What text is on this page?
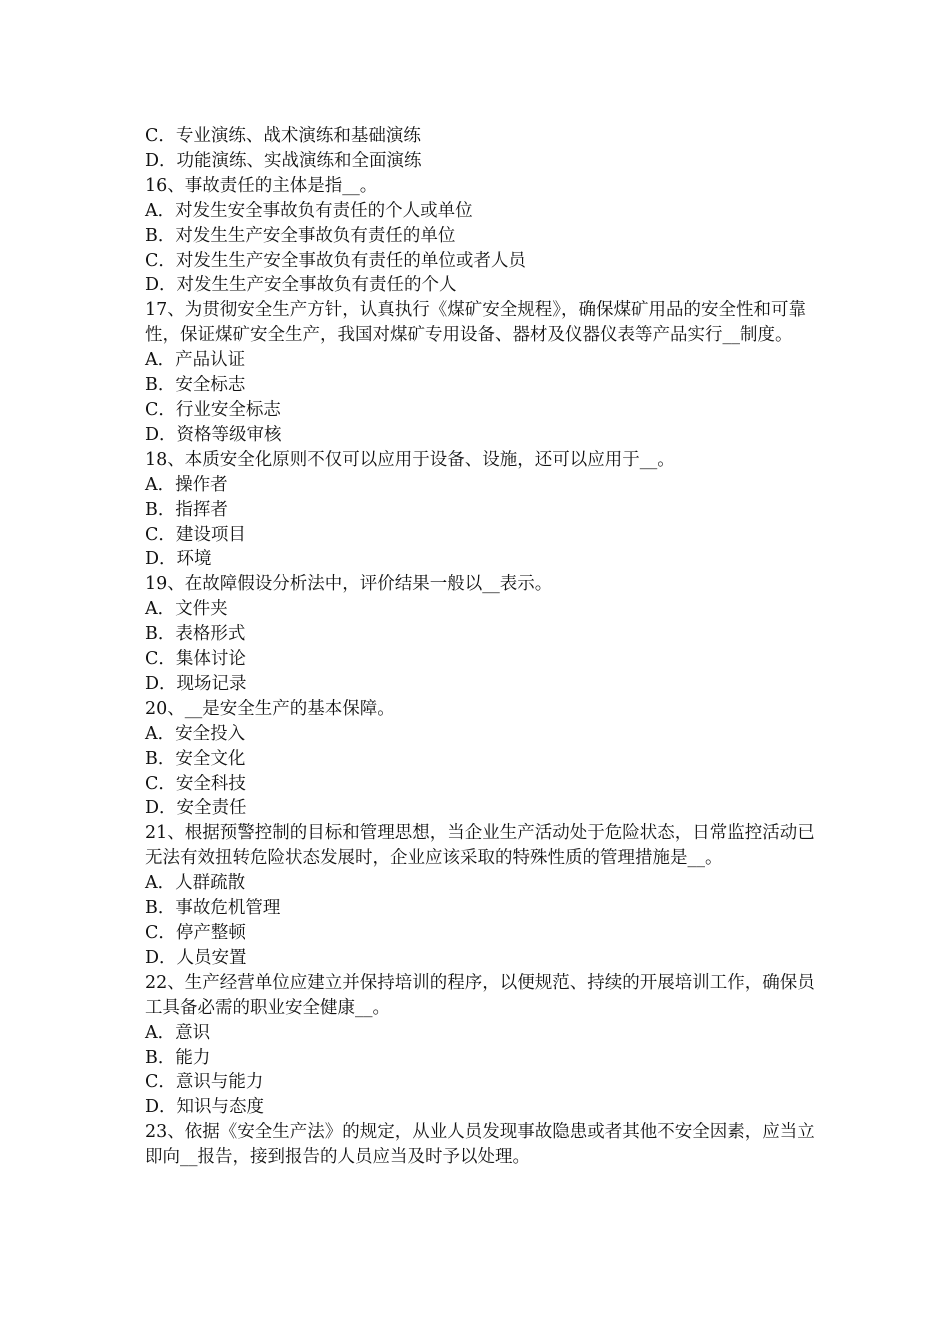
C．专业演练、战术演练和基础演练
D．功能演练、实战演练和全面演练
16、事故责任的主体是指__。
A．对发生安全事故负有责任的个人或单位
B．对发生生产安全事故负有责任的单位
C．对发生生产安全事故负有责任的单位或者人员
D．对发生生产安全事故负有责任的个人
17、为贯彻安全生产方针，认真执行《煤矿安全规程》，确保煤矿用品的安全性和可靠性，保证煤矿安全生产，我国对煤矿专用设备、器材及仪器仪表等产品实行__制度。
A．产品认证
B．安全标志
C．行业安全标志
D．资格等级审核
18、本质安全化原则不仅可以应用于设备、设施，还可以应用于__。
A．操作者
B．指挥者
C．建设项目
D．环境
19、在故障假设分析法中，评价结果一般以__表示。
A．文件夹
B．表格形式
C．集体讨论
D．现场记录
20、__是安全生产的基本保障。
A．安全投入
B．安全文化
C．安全科技
D．安全责任
21、根据预警控制的目标和管理思想，当企业生产活动处于危险状态，日常监控活动已无法有效扭转危险状态发展时，企业应该采取的特殊性质的管理措施是__。
A．人群疏散
B．事故危机管理
C．停产整顿
D．人员安置
22、生产经营单位应建立并保持培训的程序，以便规范、持续的开展培训工作，确保员工具备必需的职业安全健康__。
A．意识
B．能力
C．意识与能力
D．知识与态度
23、依据《安全生产法》的规定，从业人员发现事故隐患或者其他不安全因素，应当立即向__报告，接到报告的人员应当及时予以处理。
